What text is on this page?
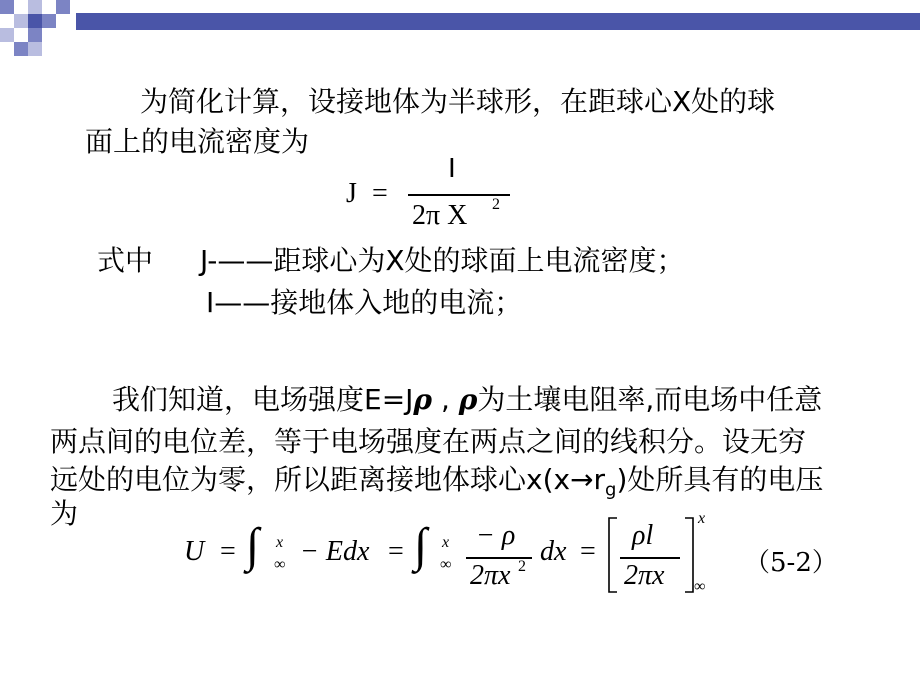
为简化计算，设接地体为半球形，在距球心X处的球
面上的电流密度为
J =
I
2π X 2
式中 J-——距球心为X处的球面上电流密度；
I——接地体入地的电流；
我们知道，电场强度E=Jρ , ρ为土壤电阻率,而电场中任意
两点间的电位差，等于电场强度在两点之间的线积分。设无穷
远处的电位为零，所以距离接地体球心$x(x\to r_g)$处所具有的电压
为
U = ∫ x
∞ − Edx = ∫ x
∞
− ρ
2πx 2 dx =
ρl
2πx
x
∞
（5-2）
